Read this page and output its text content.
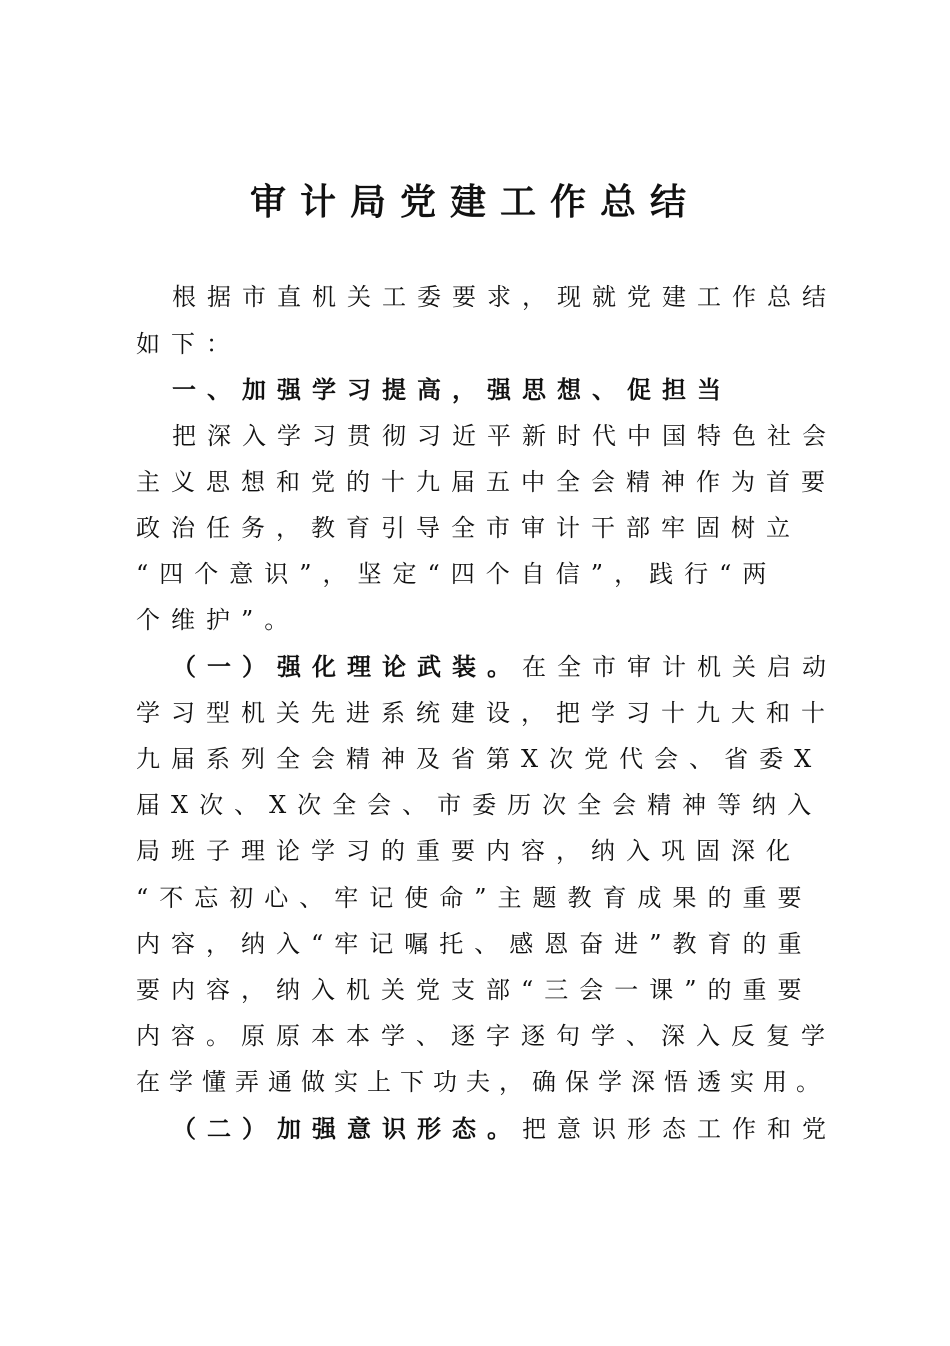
审计局党建工作总结
根据市直机关工委要求，现就党建工作总结
如下：
一、加强学习提高，强思想、促担当
把深入学习贯彻习近平新时代中国特色社会
主义思想和党的十九届五中全会精神作为首要
政治任务，教育引导全市审计干部牢固树立
“四个意识”，坚定“四个自信”，践行“两
个维护”。
（一）强化理论武装。在全市审计机关启动
学习型机关先进系统建设，把学习十九大和十
九届系列全会精神及省第X次党代会、省委X
届X次、X次全会、市委历次全会精神等纳入
局班子理论学习的重要内容，纳入巩固深化
“不忘初心、牢记使命”主题教育成果的重要
内容，纳入“牢记嘱托、感恩奋进”教育的重
要内容，纳入机关党支部“三会一课”的重要
内容。原原本本学、逐字逐句学、深入反复学
在学懂弄通做实上下功夫，确保学深悟透实用。
（二）加强意识形态。把意识形态工作和党
